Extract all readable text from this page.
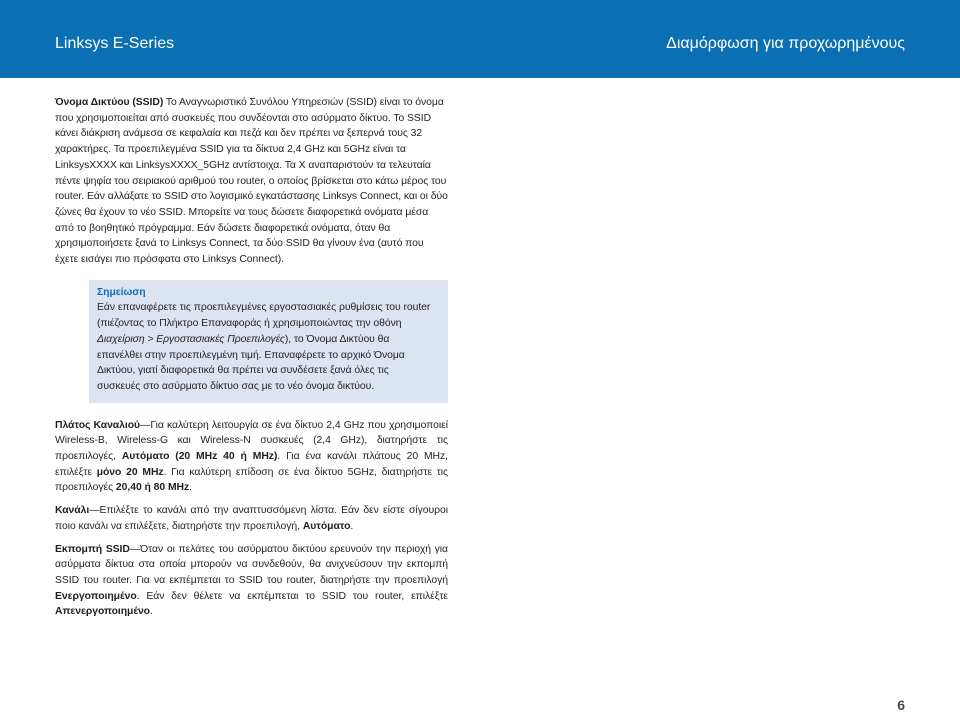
Linksys E-Series	Διαμόρφωση για προχωρημένους

Όνομα Δικτύου (SSID) Το Αναγνωριστικό Συνόλου Υπηρεσιών (SSID) είναι το όνομα που χρησιμοποιείται από συσκευές που συνδέονται στο ασύρματο δίκτυο. Το SSID κάνει διάκριση ανάμεσα σε κεφαλαία και πεζά και δεν πρέπει να ξεπερνά τους 32 χαρακτήρες. Τα προεπιλεγμένα SSID για τα δίκτυα 2,4 GHz και 5GHz είναι τα LinksysXXXX και LinksysXXXX_5GHz αντίστοιχα. Τα X αναπαριστούν τα τελευταία πέντε ψηφία του σειριακού αριθμού του router, ο οποίος βρίσκεται στο κάτω μέρος του router. Εάν αλλάξατε το SSID στο λογισμικό εγκατάστασης Linksys Connect, και οι δύο ζώνες θα έχουν το νέο SSID. Μπορείτε να τους δώσετε διαφορετικά ονόματα μέσα από το βοηθητικό πρόγραμμα. Εάν δώσετε διαφορετικά ονόματα, όταν θα χρησιμοποιήσετε ξανά το Linksys Connect, τα δύο SSID θα γίνουν ένα (αυτό που έχετε εισάγει πιο πρόσφατα στο Linksys Connect).

Σημείωση
Εάν επαναφέρετε τις προεπιλεγμένες εργοστασιακές ρυθμίσεις του router (πιέζοντας το Πλήκτρο Επαναφοράς ή χρησιμοποιώντας την οθόνη Διαχείριση > Εργοστασιακές Προεπιλογές), το Όνομα Δικτύου θα επανέλθει στην προεπιλεγμένη τιμή. Επαναφέρετε το αρχικό Όνομα Δικτύου, γιατί διαφορετικά θα πρέπει να συνδέσετε ξανά όλες τις συσκευές στο ασύρματο δίκτυο σας με το νέο όνομα δικτύου.

Πλάτος Καναλιού—Για καλύτερη λειτουργία σε ένα δίκτυο 2,4 GHz που χρησιμοποιεί Wireless-B, Wireless-G και Wireless-N συσκευές (2,4 GHz), διατηρήστε τις προεπιλογές, Αυτόματο (20 MHz 40 ή MHz). Για ένα κανάλι πλάτους 20 MHz, επιλέξτε μόνο 20 MHz. Για καλύτερη επίδοση σε ένα δίκτυο 5GHz, διατηρήστε τις προεπιλογές 20,40 ή 80 MHz.

Κανάλι—Επιλέξτε το κανάλι από την αναπτυσσόμενη λίστα. Εάν δεν είστε σίγουροι ποιο κανάλι να επιλέξετε, διατηρήστε την προεπιλογή, Αυτόματο.

Εκπομπή SSID—Όταν οι πελάτες του ασύρματου δικτύου ερευνούν την περιοχή για ασύρματα δίκτυα στα οποία μπορούν να συνδεθούν, θα ανιχνεύσουν την εκπομπή SSID του router. Για να εκπέμπεται το SSID του router, διατηρήστε την προεπιλογή Ενεργοποιημένο. Εάν δεν θέλετε να εκπέμπεται το SSID του router, επιλέξτε Απενεργοποιημένο.

6
